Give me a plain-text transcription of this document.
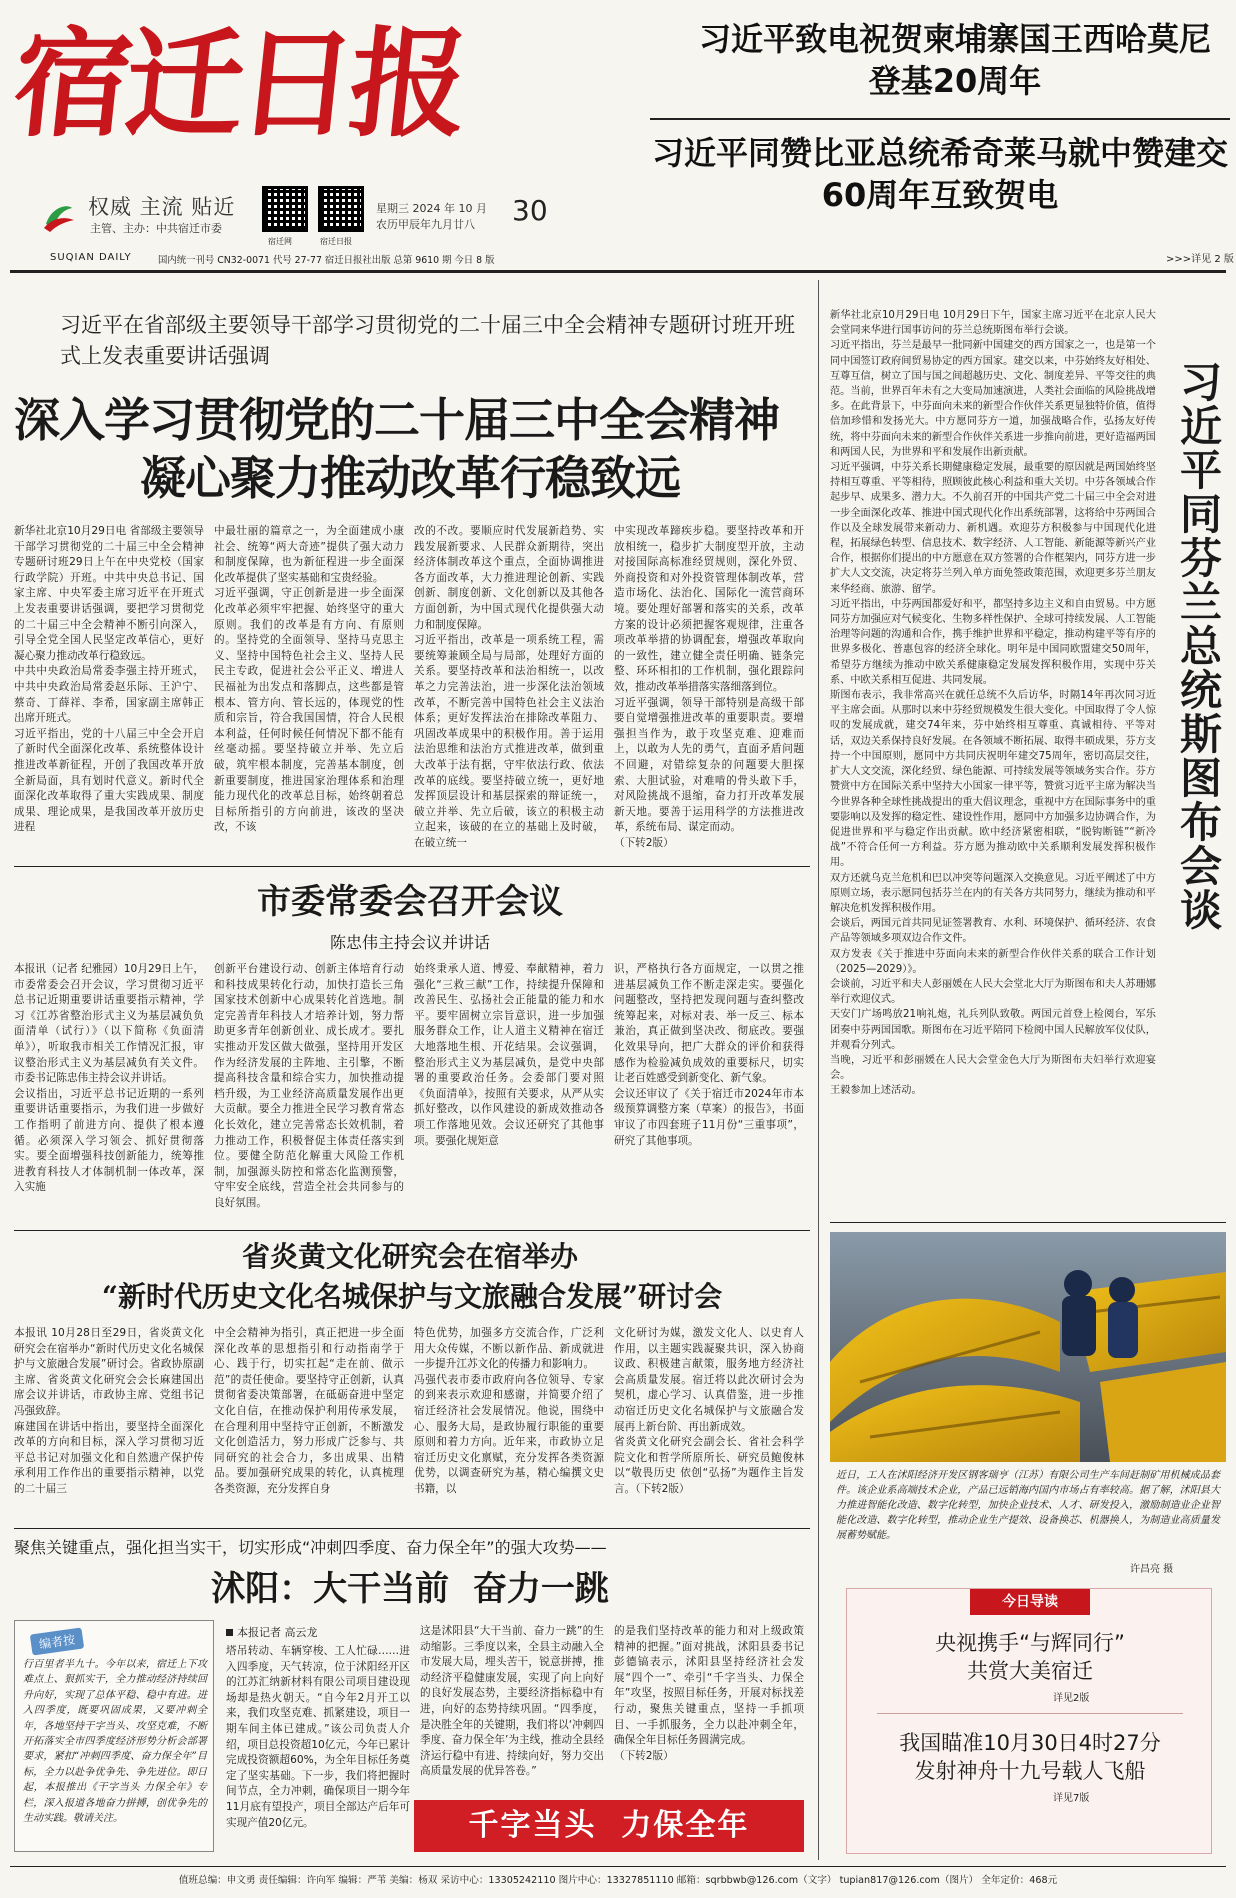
宿迁日报
权威 主流 贴近
主管、主办：中共宿迁市委
宿迁网	宿迁日报
星期三 2024 年 10 月
农历甲辰年九月廿八 30
SUQIAN DAILY	国内统一刊号 CN32-0071 代号 27-77 宿迁日报社出版 总第 9610 期 今日 8 版
习近平致电祝贺柬埔寨国王西哈莫尼登基20周年
习近平同赞比亚总统希奇莱马就中赞建交60周年互致贺电
>>>详见 2 版
习近平在省部级主要领导干部学习贯彻党的二十届三中全会精神专题研讨班开班式上发表重要讲话强调
深入学习贯彻党的二十届三中全会精神
凝心聚力推动改革行稳致远
新华社北京10月29日电 省部级主要领导干部学习贯彻党的二十届三中全会精神专题研讨班29日上午在中央党校（国家行政学院）开班。中共中央总书记、国家主席、中央军委主席习近平在开班式上发表重要讲话强调，要把学习贯彻党的二十届三中全会精神不断引向深入，引导全党全国人民坚定改革信心，更好凝心聚力推动改革行稳致远。
中共中央政治局常委李强主持开班式，中共中央政治局常委赵乐际、王沪宁、蔡奇、丁薛祥、李希，国家副主席韩正出席开班式。
习近平指出，党的十八届三中全会开启了新时代全面深化改革、系统整体设计推进改革新征程，开创了我国改革开放全新局面，具有划时代意义。新时代全面深化改革取得了重大实践成果、制度成果、理论成果，是我国改革开放历史进程
中最壮丽的篇章之一，为全面建成小康社会、统筹“两大奇迹”提供了强大动力和制度保障，也为新征程进一步全面深化改革提供了坚实基础和宝贵经验。
习近平强调，守正创新是进一步全面深化改革必须牢牢把握、始终坚守的重大原则。我们的改革是有方向、有原则的。坚持党的全面领导、坚持马克思主义、坚持中国特色社会主义、坚持人民民主专政，促进社会公平正义、增进人民福祉为出发点和落脚点，这些都是管根本、管方向、管长远的，体现党的性质和宗旨，符合我国国情，符合人民根本利益，任何时候任何情况下都不能有丝毫动摇。要坚持破立并举、先立后破，筑牢根本制度，完善基本制度，创新重要制度，推进国家治理体系和治理能力现代化的改革总目标，始终朝着总目标所指引的方向前进，该改的坚决改，不该
改的不改。要顺应时代发展新趋势、实践发展新要求、人民群众新期待，突出经济体制改革这个重点，全面协调推进各方面改革，大力推进理论创新、实践创新、制度创新、文化创新以及其他各方面创新，为中国式现代化提供强大动力和制度保障。
习近平指出，改革是一项系统工程，需要统筹兼顾全局与局部，处理好方面的关系。要坚持改革和法治相统一，以改革之力完善法治，进一步深化法治领域改革，不断完善中国特色社会主义法治体系；更好发挥法治在排除改革阻力、巩固改革成果中的积极作用。善于运用法治思维和法治方式推进改革，做到重大改革于法有据，守牢依法行政、依法改革的底线。要坚持破立统一，更好地发挥顶层设计和基层探索的辩证统一，破立并举、先立后破，该立的积极主动立起来，该破的在立的基础上及时破，在破立统一
中实现改革蹄疾步稳。要坚持改革和开放相统一，稳步扩大制度型开放，主动对接国际高标准经贸规则，深化外贸、外商投资和对外投资管理体制改革，营造市场化、法治化、国际化一流营商环境。要处理好部署和落实的关系，改革方案的设计必须把握客观规律，注重各项改革举措的协调配套，增强改革取向的一致性，建立健全责任明确、链条完整、环环相扣的工作机制，强化跟踪问效，推动改革举措落实落细落到位。
习近平强调，领导干部特别是高级干部要自觉增强推进改革的重要职责。要增强担当作为，敢于攻坚克难、迎难而上，以敢为人先的勇气，直面矛盾问题不回避，对错综复杂的问题要大胆探索、大胆试验，对难啃的骨头敢下手，对风险挑战不退缩，奋力打开改革发展新天地。要善于运用科学的方法推进改革，系统布局、谋定而动。
（下转2版）
市委常委会召开会议
陈忠伟主持会议并讲话
本报讯（记者 纪雅园）10月29日上午，市委常委会召开会议，学习贯彻习近平总书记近期重要讲话重要指示精神，学习《江苏省整治形式主义为基层减负负面清单（试行）》（以下简称《负面清单》），听取我市相关工作情况汇报，审议整治形式主义为基层减负有关文件。市委书记陈忠伟主持会议并讲话。
会议指出，习近平总书记近期的一系列重要讲话重要指示，为我们进一步做好工作指明了前进方向、提供了根本遵循。必须深入学习领会、抓好贯彻落实。要全面增强科技创新能力，统筹推进教育科技人才体制机制一体改革，深入实施
创新平台建设行动、创新主体培育行动和科技成果转化行动，加快打造长三角国家技术创新中心成果转化首选地。制定完善青年科技人才培养计划，努力帮助更多青年创新创业、成长成才。要扎实推动开发区做大做强，坚持用开发区作为经济发展的主阵地、主引擎，不断提高科技含量和综合实力，加快推动提档升级，为工业经济高质量发展作出更大贡献。要全力推进全民学习教育常态化长效化，建立完善常态长效机制，着力推动工作，积极督促主体责任落实到位。要健全防范化解重大风险工作机制，加强源头防控和常态化监测预警，守牢安全底线，营造全社会共同参与的良好氛围。
始终秉承人道、博爱、奉献精神，着力强化“三救三献”工作，持续提升保障和改善民生、弘扬社会正能量的能力和水平。要牢固树立宗旨意识，进一步加强服务群众工作，让人道主义精神在宿迁大地落地生根、开花结果。会议强调，整治形式主义为基层减负，是党中央部署的重要政治任务。会委部门要对照《负面清单》，按照有关要求，从严从实抓好整改，以作风建设的新成效推动各项工作落地见效。会议还研究了其他事项。要强化规矩意
识，严格执行各方面规定，一以贯之推进基层减负工作不断走深走实。要强化问题整改，坚持把发现问题与查纠整改统筹起来，对标对表、举一反三、标本兼治，真正做到坚决改、彻底改。要强化效果导向，把广大群众的评价和获得感作为检验减负成效的重要标尺，切实让老百姓感受到新变化、新气象。
会议还审议了《关于宿迁市2024年市本级预算调整方案（草案）的报告》，书面审议了市四套班子11月份“三重事项”，研究了其他事项。
省炎黄文化研究会在宿举办
“新时代历史文化名城保护与文旅融合发展”研讨会
本报讯 10月28日至29日，省炎黄文化研究会在宿举办“新时代历史文化名城保护与文旅融合发展”研讨会。省政协原副主席、省炎黄文化研究会会长麻建国出席会议并讲话，市政协主席、党组书记冯强致辞。
麻建国在讲话中指出，要坚持全面深化改革的方向和目标，深入学习贯彻习近平总书记对加强文化和自然遗产保护传承利用工作作出的重要指示精神，以党的二十届三
中全会精神为指引，真正把进一步全面深化改革的思想指引和行动指南学于心、践于行，切实扛起“走在前、做示范”的责任使命。要坚持守正创新，认真贯彻省委决策部署，在砥砺奋进中坚定文化自信，在推动保护利用传承发展，在合理利用中坚持守正创新，不断激发文化创造活力，努力形成广泛参与、共同研究的社会合力，多出成果、出精品。要加强研究成果的转化，认真梳理各类资源，充分发挥自身
特色优势，加强多方交流合作，广泛利用大众传媒，不断以新作品、新成就进一步提升江苏文化的传播力和影响力。
冯强代表市委市政府向各位领导、专家的到来表示欢迎和感谢，并简要介绍了宿迁经济社会发展情况。他说，围绕中心、服务大局，是政协履行职能的重要原则和着力方向。近年来，市政协立足宿迁历史文化禀赋，充分发挥各类资源优势，以调查研究为基，精心编撰文史书籍，以
文化研讨为媒，激发文化人、以史育人作用，以主题实践凝聚共识，深入协商议政、积极建言献策，服务地方经济社会高质量发展。宿迁将以此次研讨会为契机，虚心学习、认真借鉴，进一步推动宿迁历史文化名城保护与文旅融合发展再上新台阶、再出新成效。
省炎黄文化研究会副会长、省社会科学院文化和哲学所原所长、研究员鲍俊林以“敬畏历史 依创“弘扬”为题作主旨发言。（下转2版）
聚焦关键重点，强化担当实干，切实形成“冲刺四季度、奋力保全年”的强大攻势——
沭阳：大干当前  奋力一跳
编者按
行百里者半九十。今年以来，宿迁上下攻难点上、狠抓实干，全力推动经济持续回升向好，实现了总体平稳、稳中有进。进入四季度，既要巩固成果，又要冲刺全年，各地坚持干字当头、攻坚克难，不断开拓落实全市四季度经济形势分析会部署要求，紧扣“冲刺四季度、奋力保全年”目标，全力以赴争优争先、争先进位。即日起，本报推出《干字当头 力保全年》专栏，深入报道各地奋力拼搏，创优争先的生动实践。敬请关注。
本报记者 高云龙
塔吊转动、车辆穿梭、工人忙碌……进入四季度，天气转凉，位于沭阳经开区的江苏汇纳新材料有限公司项目建设现场却是热火朝天。“自今年2月开工以来，我们攻坚克难、抓紧建设，项目一期车间主体已建成。”该公司负责人介绍，项目总投资超10亿元，今年已累计完成投资额超60%，为全年目标任务奠定了坚实基础。下一步，我们将把握时间节点，全力冲刺，确保项目一期今年11月底有望投产，项目全部达产后年可实现产值20亿元。
这是沭阳县“大干当前、奋力一跳”的生动缩影。三季度以来，全县主动融入全市发展大局，埋头苦干，锐意拼搏，推动经济平稳健康发展，实现了向上向好的良好发展态势，主要经济指标稳中有进，向好的态势持续巩固。“四季度，是决胜全年的关键期，我们将以‘冲刺四季度、奋力保全年’为主线，推动全县经济运行稳中有进、持续向好，努力交出高质量发展的优异答卷。”
的是我们坚持改革的能力和对上级政策精神的把握。”面对挑战，沭阳县委书记彭德镐表示，沭阳县坚持经济社会发展“四个一”、牵引“千字当头、力保全年”攻坚，按照目标任务，开展对标找差行动，聚焦关键重点，坚持一手抓项目、一手抓服务，全力以赴冲刺全年，确保全年目标任务圆满完成。
（下转2版）
千字当头  力保全年
新华社北京10月29日电 10月29日下午，国家主席习近平在北京人民大会堂同来华进行国事访问的芬兰总统斯图布举行会谈。
习近平指出，芬兰是最早一批同新中国建交的西方国家之一，也是第一个同中国签订政府间贸易协定的西方国家。建交以来，中芬始终友好相处、互尊互信，树立了国与国之间超越历史、文化、制度差异、平等交往的典范。当前，世界百年未有之大变局加速演进，人类社会面临的风险挑战增多。在此背景下，中芬面向未来的新型合作伙伴关系更显独特价值，值得倍加珍惜和发扬光大。中方愿同芬方一道，加强战略合作，弘扬友好传统，将中芬面向未来的新型合作伙伴关系进一步推向前进，更好造福两国和两国人民，为世界和平和发展作出新贡献。
习近平强调，中芬关系长期健康稳定发展，最重要的原因就是两国始终坚持相互尊重、平等相待，照顾彼此核心利益和重大关切。中芬各领域合作起步早、成果多、潜力大。不久前召开的中国共产党二十届三中全会对进一步全面深化改革、推进中国式现代化作出系统部署，这将给中芬两国合作以及全球发展带来新动力、新机遇。欢迎芬方积极参与中国现代化进程，拓展绿色转型、信息技术、数字经济、人工智能、新能源等新兴产业合作，根据你们提出的中方愿意在双方签署的合作框架内，同芬方进一步扩大人文交流，决定将芬兰列入单方面免签政策范围，欢迎更多芬兰朋友来华经商、旅游、留学。
习近平指出，中芬两国都爱好和平，都坚持多边主义和自由贸易。中方愿同芬方加强应对气候变化、生物多样性保护、全球可持续发展、人工智能治理等问题的沟通和合作，携手维护世界和平稳定，推动构建平等有序的世界多极化、普惠包容的经济全球化。明年是中国同欧盟建交50周年，希望芬方继续为推动中欧关系健康稳定发展发挥积极作用，实现中芬关系、中欧关系相互促进、共同发展。
斯图布表示，我非常高兴在就任总统不久后访华，时隔14年再次同习近平主席会面。从那时以来中芬经贸规模发生很大变化。中国取得了令人惊叹的发展成就，建交74年来，芬中始终相互尊重、真诚相待、平等对话，双边关系保持良好发展。在各领域不断拓展、取得丰硕成果，芬方支持一个中国原则，愿同中方共同庆祝明年建交75周年，密切高层交往，扩大人文交流，深化经贸、绿色能源、可持续发展等领域务实合作。芬方赞赏中方在国际关系中坚持大小国家一律平等，赞赏习近平主席为解决当今世界各种全球性挑战提出的重大倡议理念，重视中方在国际事务中的重要影响以及发挥的稳定性、建设性作用，愿同中方加强多边协调合作，为促进世界和平与稳定作出贡献。欧中经济紧密相联，“脱钩断链”“新冷战”不符合任何一方利益。芬方愿为推动欧中关系顺利发展发挥积极作用。
双方还就乌克兰危机和巴以冲突等问题深入交换意见。习近平阐述了中方原则立场，表示愿同包括芬兰在内的有关各方共同努力，继续为推动和平解决危机发挥积极作用。
会谈后，两国元首共同见证签署教育、水利、环境保护、循环经济、农食产品等领域多项双边合作文件。
双方发表《关于推进中芬面向未来的新型合作伙伴关系的联合工作计划（2025—2029）》。
会谈前，习近平和夫人彭丽媛在人民大会堂北大厅为斯图布和夫人苏珊娜举行欢迎仪式。
天安门广场鸣放21响礼炮，礼兵列队致敬。两国元首登上检阅台，军乐团奏中芬两国国歌。斯图布在习近平陪同下检阅中国人民解放军仪仗队，并观看分列式。
当晚，习近平和彭丽媛在人民大会堂金色大厅为斯图布夫妇举行欢迎宴会。
王毅参加上述活动。
习近平同芬兰总统斯图布会谈
近日，工人在沭阳经济开发区钢客瑞亨（江苏）有限公司生产车间赶制矿用机械成品套件。该企业系高端技术企业，产品已远销海内国内市场占有率较高。据了解，沭阳县大力推进智能化改造、数字化转型，加快企业技术、人才、研发投入，激励制造业企业智能化改造、数字化转型，推动企业生产提效、设备换芯、机器换人，为制造业高质量发展蓄势赋能。
许昌亮 摄
今日导读
央视携手“与辉同行”
共赏大美宿迁
详见2版
我国瞄准10月30日4时27分
发射神舟十九号载人飞船
详见7版
值班总编：申文勇 责任编辑：许向军 编辑：严苇 美编：杨双 采访中心：13305242110 图片中心：13327851110 邮箱：sqrbbwb@126.com（文字） tupian817@126.com（图片） 全年定价：468元
